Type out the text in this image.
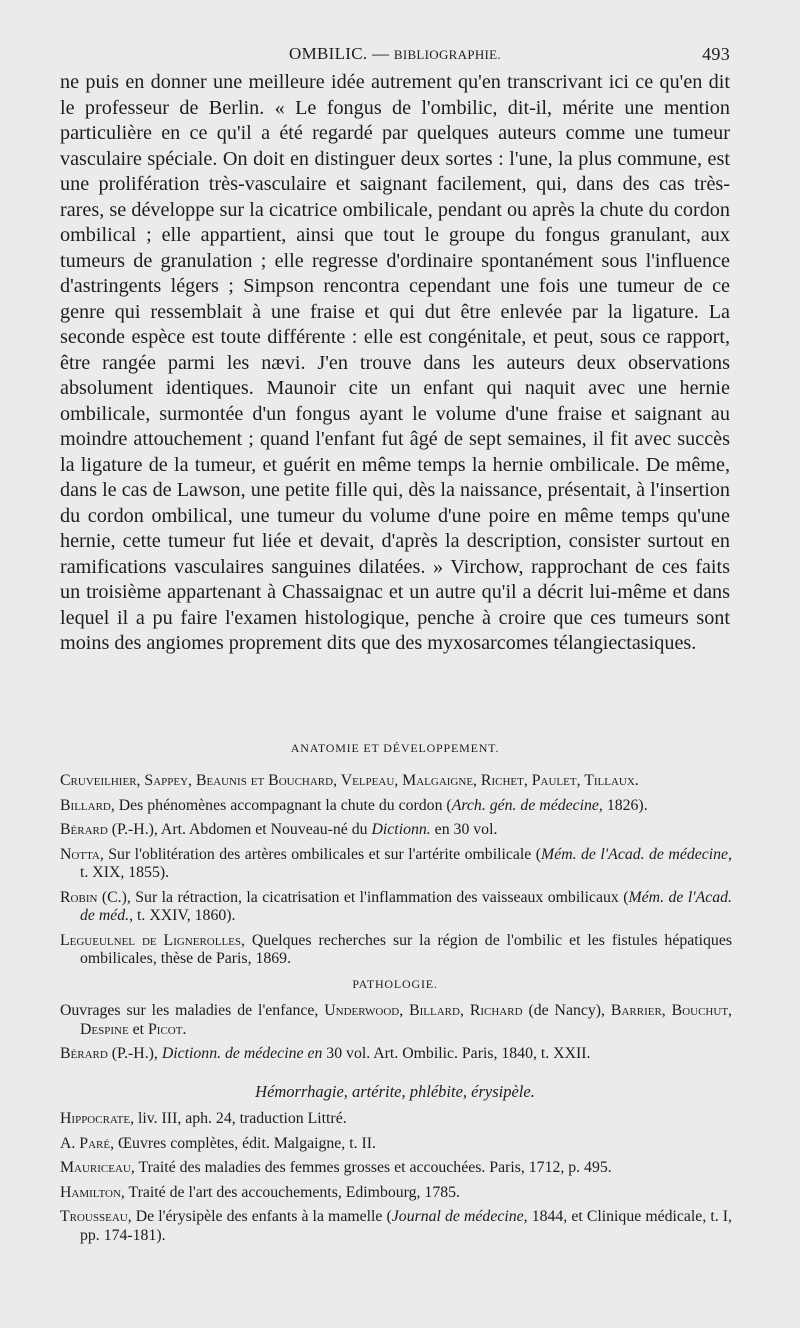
OMBILIC. — BIBLIOGRAPHIE.	493

ne puis en donner une meilleure idée autrement qu'en transcrivant ici ce qu'en dit le professeur de Berlin. « Le fongus de l'ombilic, dit-il, mérite une mention particulière en ce qu'il a été regardé par quelques auteurs comme une tumeur vasculaire spéciale. On doit en distinguer deux sortes : l'une, la plus commune, est une prolifération très-vasculaire et saignant facilement, qui, dans des cas très-rares, se développe sur la cicatrice ombilicale, pendant ou après la chute du cordon ombilical ; elle appartient, ainsi que tout le groupe du fongus granulant, aux tumeurs de granulation ; elle regresse d'ordinaire spontanément sous l'influence d'astringents légers ; Simpson rencontra cependant une fois une tumeur de ce genre qui ressemblait à une fraise et qui dut être enlevée par la ligature. La seconde espèce est toute différente : elle est congénitale, et peut, sous ce rapport, être rangée parmi les nævi. J'en trouve dans les auteurs deux observations absolument identiques. Maunoir cite un enfant qui naquit avec une hernie ombilicale, surmontée d'un fongus ayant le volume d'une fraise et saignant au moindre attouchement ; quand l'enfant fut âgé de sept semaines, il fit avec succès la ligature de la tumeur, et guérit en même temps la hernie ombilicale. De même, dans le cas de Lawson, une petite fille qui, dès la naissance, présentait, à l'insertion du cordon ombilical, une tumeur du volume d'une poire en même temps qu'une hernie, cette tumeur fut liée et devait, d'après la description, consister surtout en ramifications vasculaires sanguines dilatées. » Virchow, rapprochant de ces faits un troisième appartenant à Chassaignac et un autre qu'il a décrit lui-même et dans lequel il a pu faire l'examen histologique, penche à croire que ces tumeurs sont moins des angiomes proprement dits que des myxosarcomes télangiectasiques.

ANATOMIE ET DÉVELOPPEMENT.

Cruveilhier, Sappey, Beaunis et Bouchard, Velpeau, Malgaigne, Richet, Paulet, Tillaux.

Billard, Des phénomènes accompagnant la chute du cordon (Arch. gén. de médecine, 1826).

Bérard (P.-H.), Art. Abdomen et Nouveau-né du Dictionn. en 30 vol.

Notta, Sur l'oblitération des artères ombilicales et sur l'artérite ombilicale (Mém. de l'Acad. de médecine, t. XIX, 1855).

Robin (C.), Sur la rétraction, la cicatrisation et l'inflammation des vaisseaux ombilicaux (Mém. de l'Acad. de méd., t. XXIV, 1860).

Legueulnel de Lignerolles, Quelques recherches sur la région de l'ombilic et les fistules hépatiques ombilicales, thèse de Paris, 1869.

PATHOLOGIE.

Ouvrages sur les maladies de l'enfance, Underwood, Billard, Richard (de Nancy), Barrier, Bouchut, Despine et Picot.

Bérard (P.-H.), Dictionn. de médecine en 30 vol. Art. Ombilic. Paris, 1840, t. XXII.

Hémorrhagie, artérite, phlébite, érysipèle.

Hippocrate, liv. III, aph. 24, traduction Littré.

A. Paré, Œuvres complètes, édit. Malgaigne, t. II.

Mauriceau, Traité des maladies des femmes grosses et accouchées. Paris, 1712, p. 495.

Hamilton, Traité de l'art des accouchements, Edimbourg, 1785.

Trousseau, De l'érysipèle des enfants à la mamelle (Journal de médecine, 1844, et Clinique médicale, t. I, pp. 174-181).
